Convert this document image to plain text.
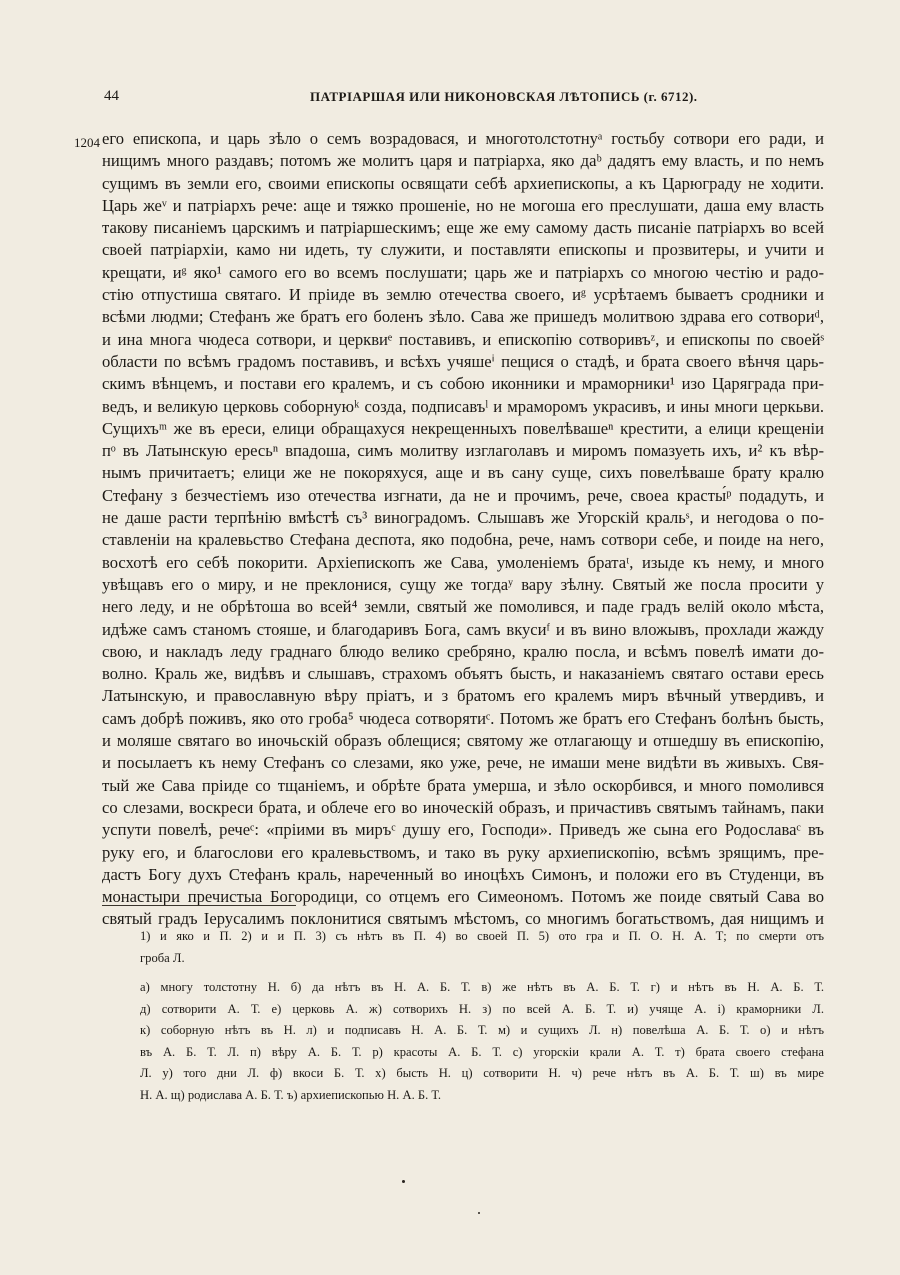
44	ПАТРІАРШАЯ ИЛИ НИКОНОВСКАЯ ЛѢТОПИСЬ (г. 6712).
1204 его епископа, и царь зѣло о семъ возрадовася, и многотолстотнуᵃ гостьбу сотвори его ради, и
нищимъ много раздавъ; потомъ же молитъ царя и патріарха, яко даᵇ дадятъ ему власть, и по немъ
сущимъ въ земли его, своими епископы освящати себѣ архиепископы, а къ Царюграду не ходити.
Царь жеᵛ и патріархъ рече: аще и тяжко прошеніе, но не могоша его преслушати, даша ему власть
такову писаніемъ царскимъ и патріаршескимъ; еще же ему самому дасть писаніе патріархъ во всей
своей патріархіи, камо ни идеть, ту служити, и поставляти епископы и прозвитеры, и учити и
крещати, иᵍ яко¹ самого его во всемъ послушати; царь же и патріархъ со многою честію и радо-
стію отпустиша святаго. И пріиде въ землю отечества своего, иᵍ усрѣтаемъ бываетъ сродники и
всѣми людми; Стефанъ же братъ его боленъ зѣло. Сава же пришедъ молитвою здрава его сотвориᵈ,
и ина многа чюдеса сотвори, и церквиᵉ поставивъ, и епископію сотворивъᶻ, и епископы по своейˢ
области по всѣмъ градомъ поставивъ, и всѣхъ учяшеⁱ пещися о стадѣ, и брата своего вѣнчя царь-
скимъ вѣнцемъ, и постави его кралемъ, и съ собою иконники и мраморники¹ изо Царяграда при-
ведъ, и великую церковь соборнуюᵏ созда, подписавъˡ и мраморомъ украсивъ, и ины многи церкьви.
Сущихъᵐ же въ ереси, елици обращахуся некрещенныхъ повелѣвашеⁿ крестити, а елици крещеніи
пᵒ въ Латынскую ересьⁿ впадоша, симъ молитву изглаголавъ и миромъ помазуеть ихъ, и² къ вѣр-
нымъ причитаетъ; елици же не покоряхуся, аще и въ сану суще, сихъ повелѣваше брату кралю
Стефану з безчестіемъ изо отечества изгнати, да не и прочимъ, рече, своеа красты́ᵖ подадуть, и
не даше расти терпѣнію вмѣстѣ съ³ виноградомъ. Слышавъ же Угорскій кральˢ, и негодова о по-
ставленіи на кралевьство Стефана деспота, яко подобна, рече, намъ сотвори себе, и поиде на него,
восхотѣ его себѣ покорити. Архіепископъ же Сава, умоленіемъ братаᵗ, изыде къ нему, и много
увѣщавъ его о миру, и не преклонися, сущу же тогдаʸ вару зѣлну. Святый же посла просити у
него леду, и не обрѣтоша во всей⁴ земли, святый же помолився, и паде градъ велій около мѣста,
идѣже самъ станомъ стояше, и благодаривъ Бога, самъ вкусиᶠ и въ вино вложывъ, прохлади жажду
свою, и накладъ леду граднаго блюдо велико сребряно, кралю посла, и всѣмъ повелѣ имати до-
волно. Краль же, видѣвъ и слышавъ, страхомъ объятъ бысть, и наказаніемъ святаго остави ересь
Латынскую, и православную вѣру пріатъ, и з братомъ его кралемъ миръ вѣчный утвердивъ, и
самъ добрѣ поживъ, яко ото гроба⁵ чюдеса сотворятиᶜ. Потомъ же братъ его Стефанъ болѣнъ бысть,
и моляше святаго во иночьскій образъ облещися; святому же отлагающу и отшедшу въ епископію,
и посылаетъ къ нему Стефанъ со слезами, яко уже, рече, не имаши мене видѣти въ живыхъ. Свя-
тый же Сава пріиде со тщаніемъ, и обрѣте брата умерша, и зѣло оскорбився, и много помолився
со слезами, воскреси брата, и облече его во иноческій образъ, и причастивъ святымъ тайнамъ, паки
успути повелѣ, речеᶜ: «пріими въ миръᶜ душу его, Господи». Приведъ же сына его Родославаᶜ въ
руку его, и благослови его кралевьствомъ, и тако въ руку архиепископію, всѣмъ зрящимъ, пре-
дастъ Богу духъ Стефанъ краль, нареченный во иноцѣхъ Симонъ, и положи его въ Студенци, въ
монастыри пречистыа Богородици, со отцемъ его Симеономъ. Потомъ же поиде святый Сава во
святый градъ Іерусалимъ поклонитися святымъ мѣстомъ, со многимъ богатьствомъ, дая нищимъ и
1) и яко и П. 2) и и П. 3) съ нѣтъ въ П. 4) во своей П. 5) ото гра и П. О. Н. А. Т; по смерти отъ
гроба Л.
а) многу толстотну Н. б) да нѣтъ въ Н. А. Б. Т. в) же нѣтъ въ А. Б. Т. г) и нѣтъ въ Н. А. Б. Т.
д) сотворити А. Т. е) церковь А. ж) сотворихъ Н. з) по всей А. Б. Т. и) учяще А. і) краморники Л.
к) соборную нѣтъ въ Н. л) и подписавъ Н. А. Б. Т. м) и сущихъ Л. н) повелѣша А. Б. Т. о) и нѣтъ
въ А. Б. Т. Л. п) вѣру А. Б. Т. р) красоты А. Б. Т. с) угорскіи крали А. Т. т) брата своего стефана
Л. у) того дни Л. ф) вкоси Б. Т. х) бысть Н. ц) сотворити Н. ч) рече нѣтъ въ А. Б. Т. ш) въ мире
Н. А. щ) родислава А. Б. Т. ъ) архиепископью Н. А. Б. Т.
